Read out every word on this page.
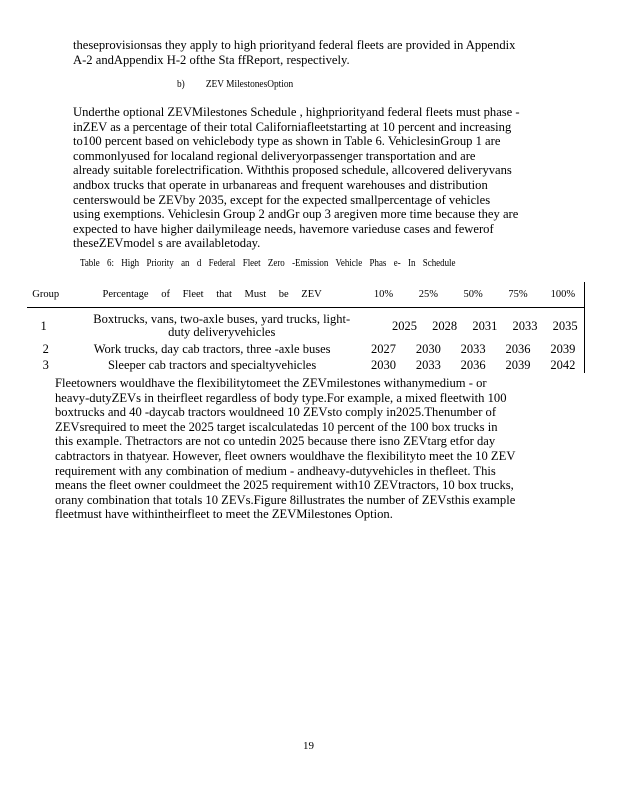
theseprovisionsas they apply to high priorityand federal fleets are provided in Appendix
A-2 andAppendix H-2 ofthe Sta ffReport, respectively.
b) ZEV MilestonesOption
Underthe optional ZEVMilestones Schedule , highpriorityand federal fleets must phase -
inZEV as a percentage of their total Californiafleetstarting at 10 percent and increasing
to100 percent based on vehiclebody type as shown in Table 6. VehiclesinGroup 1 are
commonlyused for localand regional deliveryorpassenger transportation and are
already suitable forelectrification. Withthis proposed schedule, allcovered deliveryvans
andbox trucks that operate in urbanareas and frequent warehouses and distribution
centerswould be ZEVby 2035, except for the expected smallpercentage of vehicles
using exemptions. Vehiclesin Group 2 andGr oup 3 aregiven more time because they are
expected to have higher dailymileage needs, havemore varieduse cases and fewerof
theseZEVmodel s are availabletoday.
Table 6: High Priority an d Federal Fleet Zero -Emission Vehicle Phas e- In Schedule
Group	Percentage of Fleet that Must be ZEV	10%	25%	50%	75%	100%
1	Boxtrucks, vans, two-axle buses, yard trucks, light-duty deliveryvehicles	2025	2028	2031	2033	2035
2	Work trucks, day cab tractors, three -axle buses	2027	2030	2033	2036	2039
3	Sleeper cab tractors and specialtyvehicles	2030	2033	2036	2039	2042
Fleetowners wouldhave the flexibilitytomeet the ZEVmilestones withanymedium - or
heavy-dutyZEVs in theirfleet regardless of body type.For example, a mixed fleetwith 100
boxtrucks and 40 -daycab tractors wouldneed 10 ZEVsto comply in2025.Thenumber of
ZEVsrequired to meet the 2025 target iscalculatedas 10 percent of the 100 box trucks in
this example. Thetractors are not co untedin 2025 because there isno ZEVtarg etfor day
cabtractors in thatyear. However, fleet owners wouldhave the flexibilityto meet the 10 ZEV
requirement with any combination of medium - andheavy-dutyvehicles in thefleet. This
means the fleet owner couldmeet the 2025 requirement with10 ZEVtractors, 10 box trucks,
orany combination that totals 10 ZEVs.Figure 8illustrates the number of ZEVsthis example
fleetmust have withintheirfleet to meet the ZEVMilestones Option.
19
